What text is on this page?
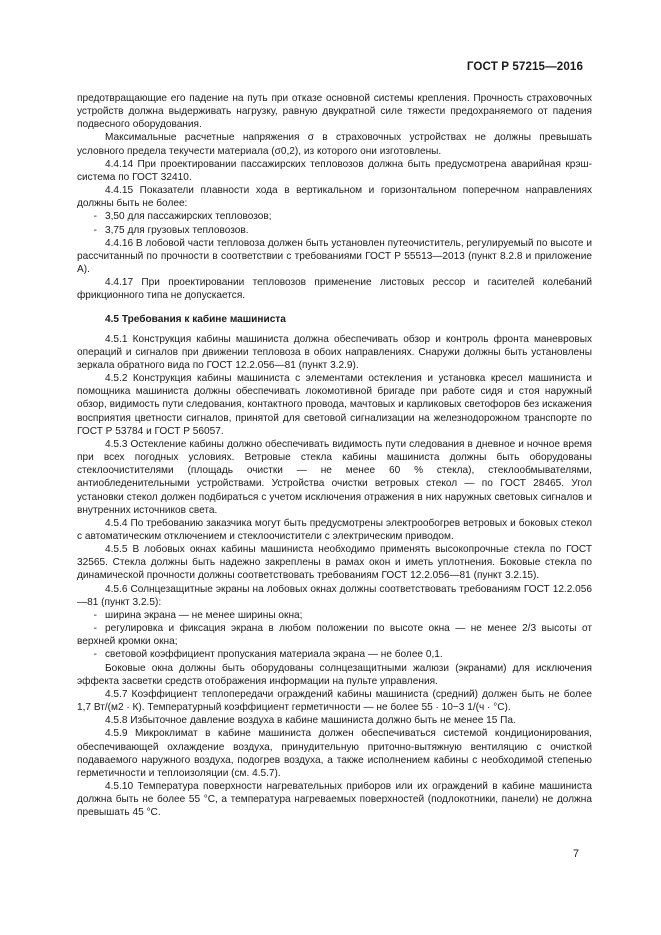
ГОСТ Р 57215—2016

предотвращающие его падение на путь при отказе основной системы крепления. Прочность страховочных устройств должна выдерживать нагрузку, равную двукратной силе тяжести предохраняемого от падения подвесного оборудования.

Максимальные расчетные напряжения σ в страховочных устройствах не должны превышать условного предела текучести материала (σ0,2), из которого они изготовлены.

4.4.14 При проектировании пассажирских тепловозов должна быть предусмотрена аварийная крэш-система по ГОСТ 32410.

4.4.15 Показатели плавности хода в вертикальном и горизонтальном поперечном направлениях должны быть не более:

- 3,50 для пассажирских тепловозов;

- 3,75 для грузовых тепловозов.

4.4.16 В лобовой части тепловоза должен быть установлен путеочиститель, регулируемый по высоте и рассчитанный по прочности в соответствии с требованиями ГОСТ Р 55513—2013 (пункт 8.2.8 и приложение А).

4.4.17 При проектировании тепловозов применение листовых рессор и гасителей колебаний фрикционного типа не допускается.

4.5 Требования к кабине машиниста

4.5.1 Конструкция кабины машиниста должна обеспечивать обзор и контроль фронта маневровых операций и сигналов при движении тепловоза в обоих направлениях. Снаружи должны быть установлены зеркала обратного вида по ГОСТ 12.2.056—81 (пункт 3.2.9).

4.5.2 Конструкция кабины машиниста с элементами остекления и установка кресел машиниста и помощника машиниста должны обеспечивать локомотивной бригаде при работе сидя и стоя наружный обзор, видимость пути следования, контактного провода, мачтовых и карликовых светофоров без искажения восприятия цветности сигналов, принятой для световой сигнализации на железнодорожном транспорте по ГОСТ Р 53784 и ГОСТ Р 56057.

4.5.3 Остекление кабины должно обеспечивать видимость пути следования в дневное и ночное время при всех погодных условиях. Ветровые стекла кабины машиниста должны быть оборудованы стеклоочистителями (площадь очистки — не менее 60 % стекла), стеклообмывателями, антиобледенительными устройствами. Устройства очистки ветровых стекол — по ГОСТ 28465. Угол установки стекол должен подбираться с учетом исключения отражения в них наружных световых сигналов и внутренних источников света.

4.5.4 По требованию заказчика могут быть предусмотрены электрообогрев ветровых и боковых стекол с автоматическим отключением и стеклоочистители с электрическим приводом.

4.5.5 В лобовых окнах кабины машиниста необходимо применять высокопрочные стекла по ГОСТ 32565. Стекла должны быть надежно закреплены в рамах окон и иметь уплотнения. Боковые стекла по динамической прочности должны соответствовать требованиям ГОСТ 12.2.056—81 (пункт 3.2.15).

4.5.6 Солнцезащитные экраны на лобовых окнах должны соответствовать требованиям ГОСТ 12.2.056—81 (пункт 3.2.5):

- ширина экрана — не менее ширины окна;

- регулировка и фиксация экрана в любом положении по высоте окна — не менее 2/3 высоты от верхней кромки окна;

- световой коэффициент пропускания материала экрана — не более 0,1.

Боковые окна должны быть оборудованы солнцезащитными жалюзи (экранами) для исключения эффекта засветки средств отображения информации на пульте управления.

4.5.7 Коэффициент теплопередачи ограждений кабины машиниста (средний) должен быть не более 1,7 Вт/(м2 · К). Температурный коэффициент герметичности — не более 55 · 10−3 1/(ч · °С).

4.5.8 Избыточное давление воздуха в кабине машиниста должно быть не менее 15 Па.

4.5.9 Микроклимат в кабине машиниста должен обеспечиваться системой кондиционирования, обеспечивающей охлаждение воздуха, принудительную приточно-вытяжную вентиляцию с очисткой подаваемого наружного воздуха, подогрев воздуха, а также исполнением кабины с необходимой степенью герметичности и теплоизоляции (см. 4.5.7).

4.5.10 Температура поверхности нагревательных приборов или их ограждений в кабине машиниста должна быть не более 55 °С, а температура нагреваемых поверхностей (подлокотники, панели) не должна превышать 45 °С.

7
